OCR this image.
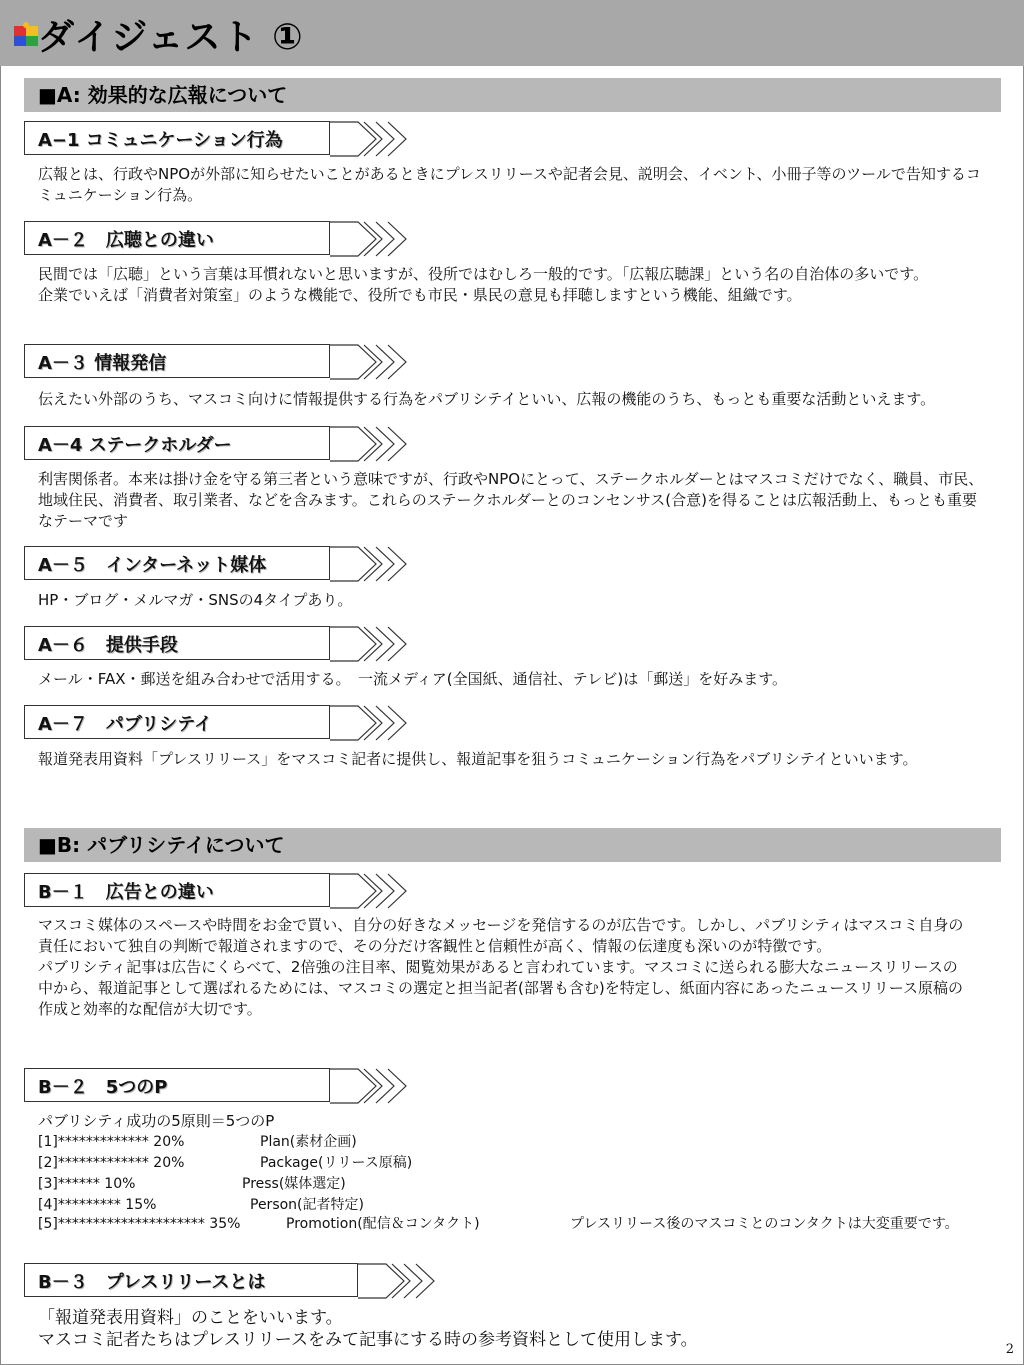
ダイジェスト ①
■A: 効果的な広報について
A−1 コミュニケーション行為

広報とは、行政やNPOが外部に知らせたいことがあるときにプレスリリースや記者会見、説明会、イベント、小冊子等のツールで告知するコミュニケーション行為。

A－２　広聴との違い

民間では「広聴」という言葉は耳慣れないと思いますが、役所ではむしろ一般的です。「広報広聴課」という名の自治体の多いです。

企業でいえば「消費者対策室」のような機能で、役所でも市民・県民の意見も拝聴しますという機能、組織です。

A－３ 情報発信

伝えたい外部のうち、マスコミ向けに情報提供する行為をパブリシテイといい、広報の機能のうち、もっとも重要な活動といえます。

A－4 ステークホルダー

利害関係者。本来は掛け金を守る第三者という意味ですが、行政やNPOにとって、ステークホルダーとはマスコミだけでなく、職員、市民、地域住民、消費者、取引業者、などを含みます。これらのステークホルダーとのコンセンサス(合意)を得ることは広報活動上、もっとも重要なテーマです

A－５　インターネット媒体

HP・ブログ・メルマガ・SNSの4タイプあり。

A－６　提供手段

メール・FAX・郵送を組み合わせで活用する。　一流メディア(全国紙、通信社、テレビ)は「郵送」を好みます。

A－７　パブリシテイ

報道発表用資料「プレスリリース」をマスコミ記者に提供し、報道記事を狙うコミュニケーション行為をパブリシテイといいます。

■B: パブリシテイについて
B－１　広告との違い

マスコミ媒体のスペースや時間をお金で買い、自分の好きなメッセージを発信するのが広告です。しかし、パブリシティはマスコミ自身の責任において独自の判断で報道されますので、その分だけ客観性と信頼性が高く、情報の伝達度も深いのが特徴です。

パブリシティ記事は広告にくらべて、2倍強の注目率、閲覧効果があると言われています。マスコミに送られる膨大なニュースリリースの中から、報道記事として選ばれるためには、マスコミの選定と担当記者(部署も含む)を特定し、紙面内容にあったニュースリリース原稿の作成と効率的な配信が大切です。

B－２　5つのP
パブリシティ成功の5原則＝5つのP
[1]************* 20%	Plan(素材企画)
[2]************* 20%	Package(リリース原稿)
[3]****** 10%	Press(媒体選定)
[4]********* 15%	Person(記者特定)
[5]********************* 35%	Promotion(配信＆コンタクト)	プレスリリース後のマスコミとのコンタクトは大変重要です。
B－３　プレスリリースとは

「報道発表用資料」のことをいいます。

マスコミ記者たちはプレスリリースをみて記事にする時の参考資料として使用します。	2
